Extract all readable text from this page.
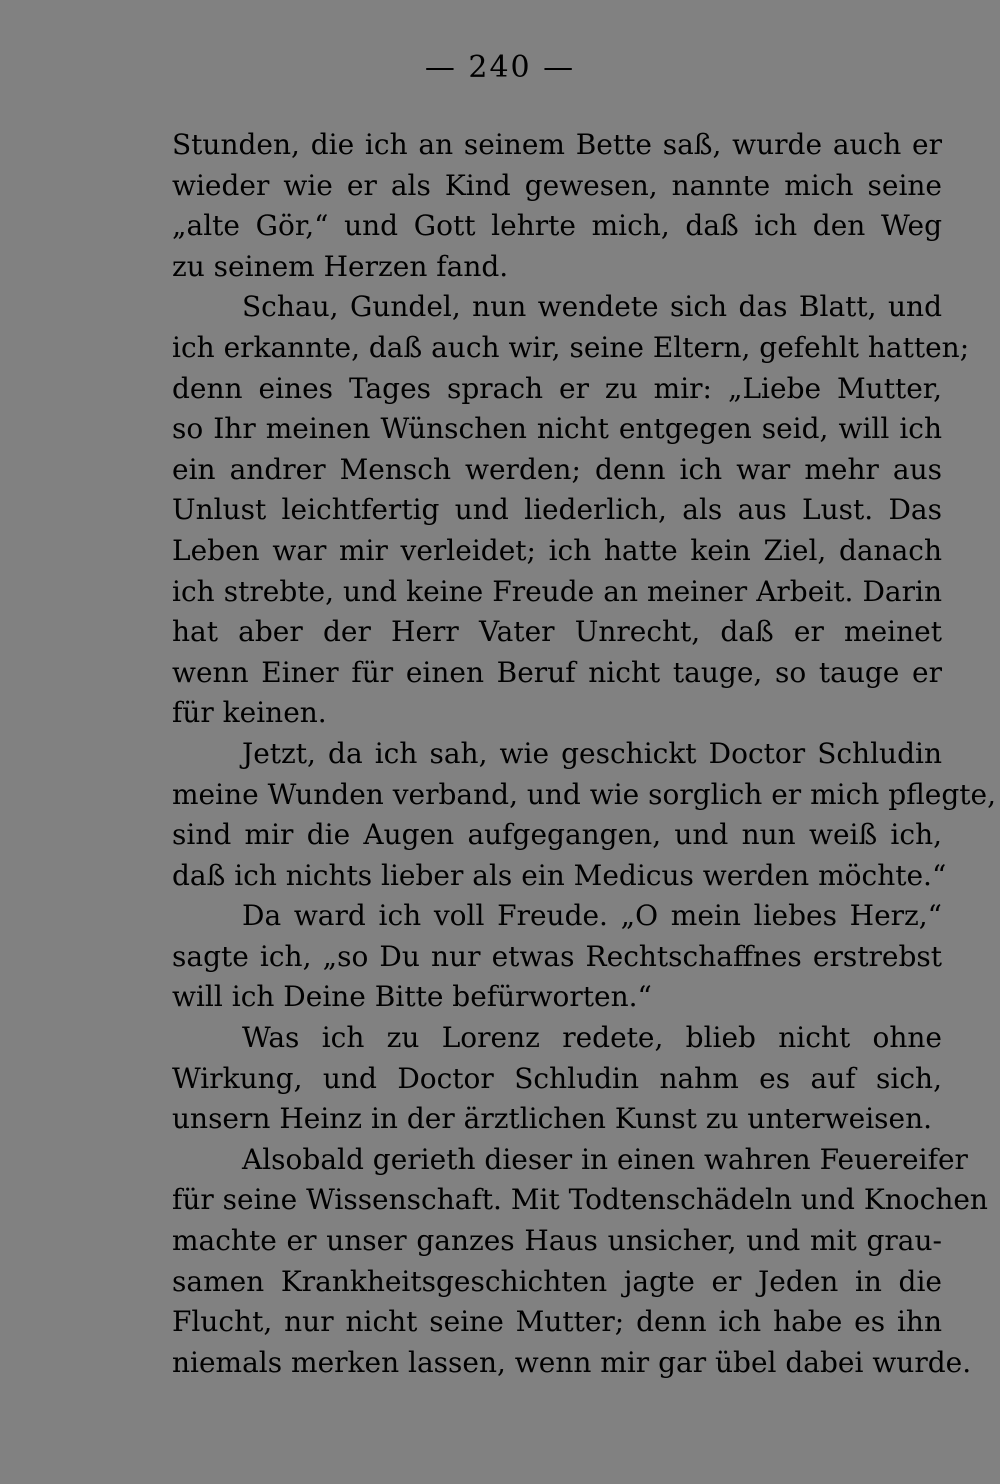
— 240 —
Stunden, die ich an seinem Bette saß, wurde auch er
wieder wie er als Kind gewesen, nannte mich seine
„alte Gör,“ und Gott lehrte mich, daß ich den Weg
zu seinem Herzen fand.
Schau, Gundel, nun wendete sich das Blatt, und
ich erkannte, daß auch wir, seine Eltern, gefehlt hatten;
denn eines Tages sprach er zu mir: „Liebe Mutter,
so Ihr meinen Wünschen nicht entgegen seid, will ich
ein andrer Mensch werden; denn ich war mehr aus
Unlust leichtfertig und liederlich, als aus Lust. Das
Leben war mir verleidet; ich hatte kein Ziel, danach
ich strebte, und keine Freude an meiner Arbeit. Darin
hat aber der Herr Vater Unrecht, daß er meinet
wenn Einer für einen Beruf nicht tauge, so tauge er
für keinen.
Jetzt, da ich sah, wie geschickt Doctor Schludin
meine Wunden verband, und wie sorglich er mich pflegte,
sind mir die Augen aufgegangen, und nun weiß ich,
daß ich nichts lieber als ein Medicus werden möchte.“
Da ward ich voll Freude. „O mein liebes Herz,“
sagte ich, „so Du nur etwas Rechtschaffnes erstrebst
will ich Deine Bitte befürworten.“
Was ich zu Lorenz redete, blieb nicht ohne
Wirkung, und Doctor Schludin nahm es auf sich,
unsern Heinz in der ärztlichen Kunst zu unterweisen.
Alsobald gerieth dieser in einen wahren Feuereifer
für seine Wissenschaft. Mit Todtenschädeln und Knochen
machte er unser ganzes Haus unsicher, und mit grau-
samen Krankheitsgeschichten jagte er Jeden in die
Flucht, nur nicht seine Mutter; denn ich habe es ihn
niemals merken lassen, wenn mir gar übel dabei wurde.
